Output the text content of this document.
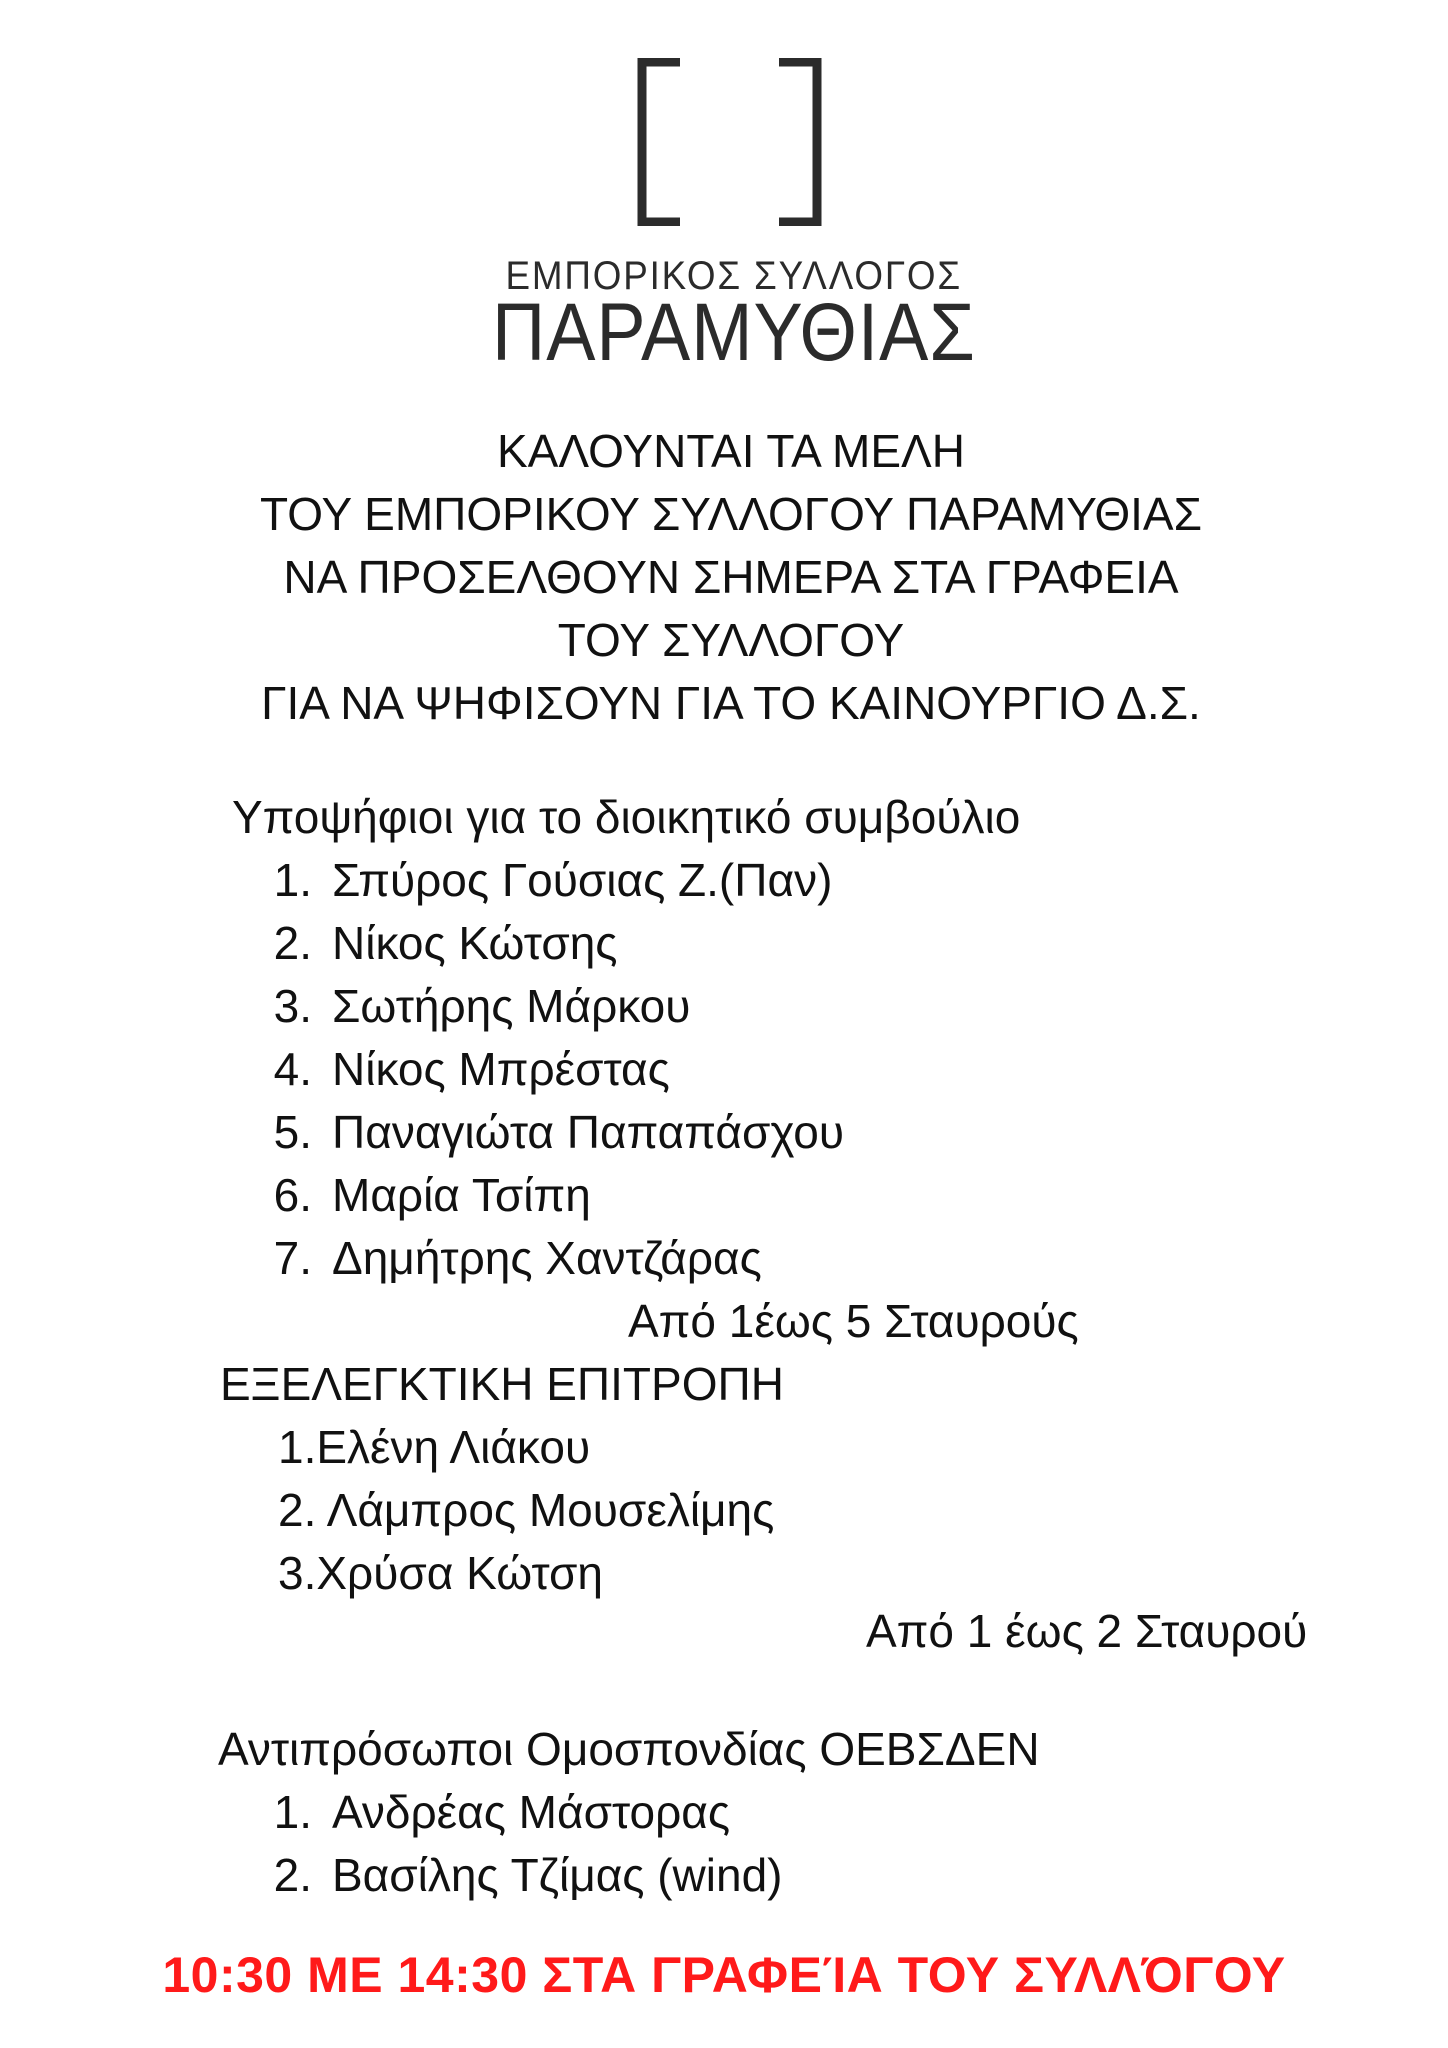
ΕΜΠΟΡΙΚΟΣ ΣΥΛΛΟΓΟΣ
ΠΑΡΑΜΥΘΙΑΣ
ΚΑΛΟΥΝΤΑΙ ΤΑ ΜΕΛΗ
ΤΟΥ ΕΜΠΟΡΙΚΟΥ ΣΥΛΛΟΓΟΥ ΠΑΡΑΜΥΘΙΑΣ
ΝΑ ΠΡΟΣΕΛΘΟΥΝ ΣΗΜΕΡΑ ΣΤΑ ΓΡΑΦΕΙΑ
ΤΟΥ ΣΥΛΛΟΓΟΥ
ΓΙΑ ΝΑ ΨΗΦΙΣΟΥΝ ΓΙΑ ΤΟ ΚΑΙΝΟΥΡΓΙΟ Δ.Σ.
Υποψήφιοι για το διοικητικό συμβούλιο
1. Σπύρος Γούσιας Ζ.(Παν)
2. Νίκος Κώτσης
3. Σωτήρης Μάρκου
4. Νίκος Μπρέστας
5. Παναγιώτα Παπαπάσχου
6. Μαρία Τσίπη
7. Δημήτρης Χαντζάρας
Από 1έως 5 Σταυρούς
ΕΞΕΛΕΓΚΤΙΚΗ ΕΠΙΤΡΟΠΗ
1.Ελένη Λιάκου
2. Λάμπρος Μουσελίμης
3.Χρύσα Κώτση
Από 1 έως 2 Σταυρού
Αντιπρόσωποι Ομοσπονδίας ΟΕΒΣΔΕΝ
1. Ανδρέας Μάστορας
2. Βασίλης Τζίμας (wind)
10:30 ΜΕ 14:30 ΣΤΑ ΓΡΑΦΕΊΑ ΤΟΥ ΣΥΛΛΌΓΟΥ
